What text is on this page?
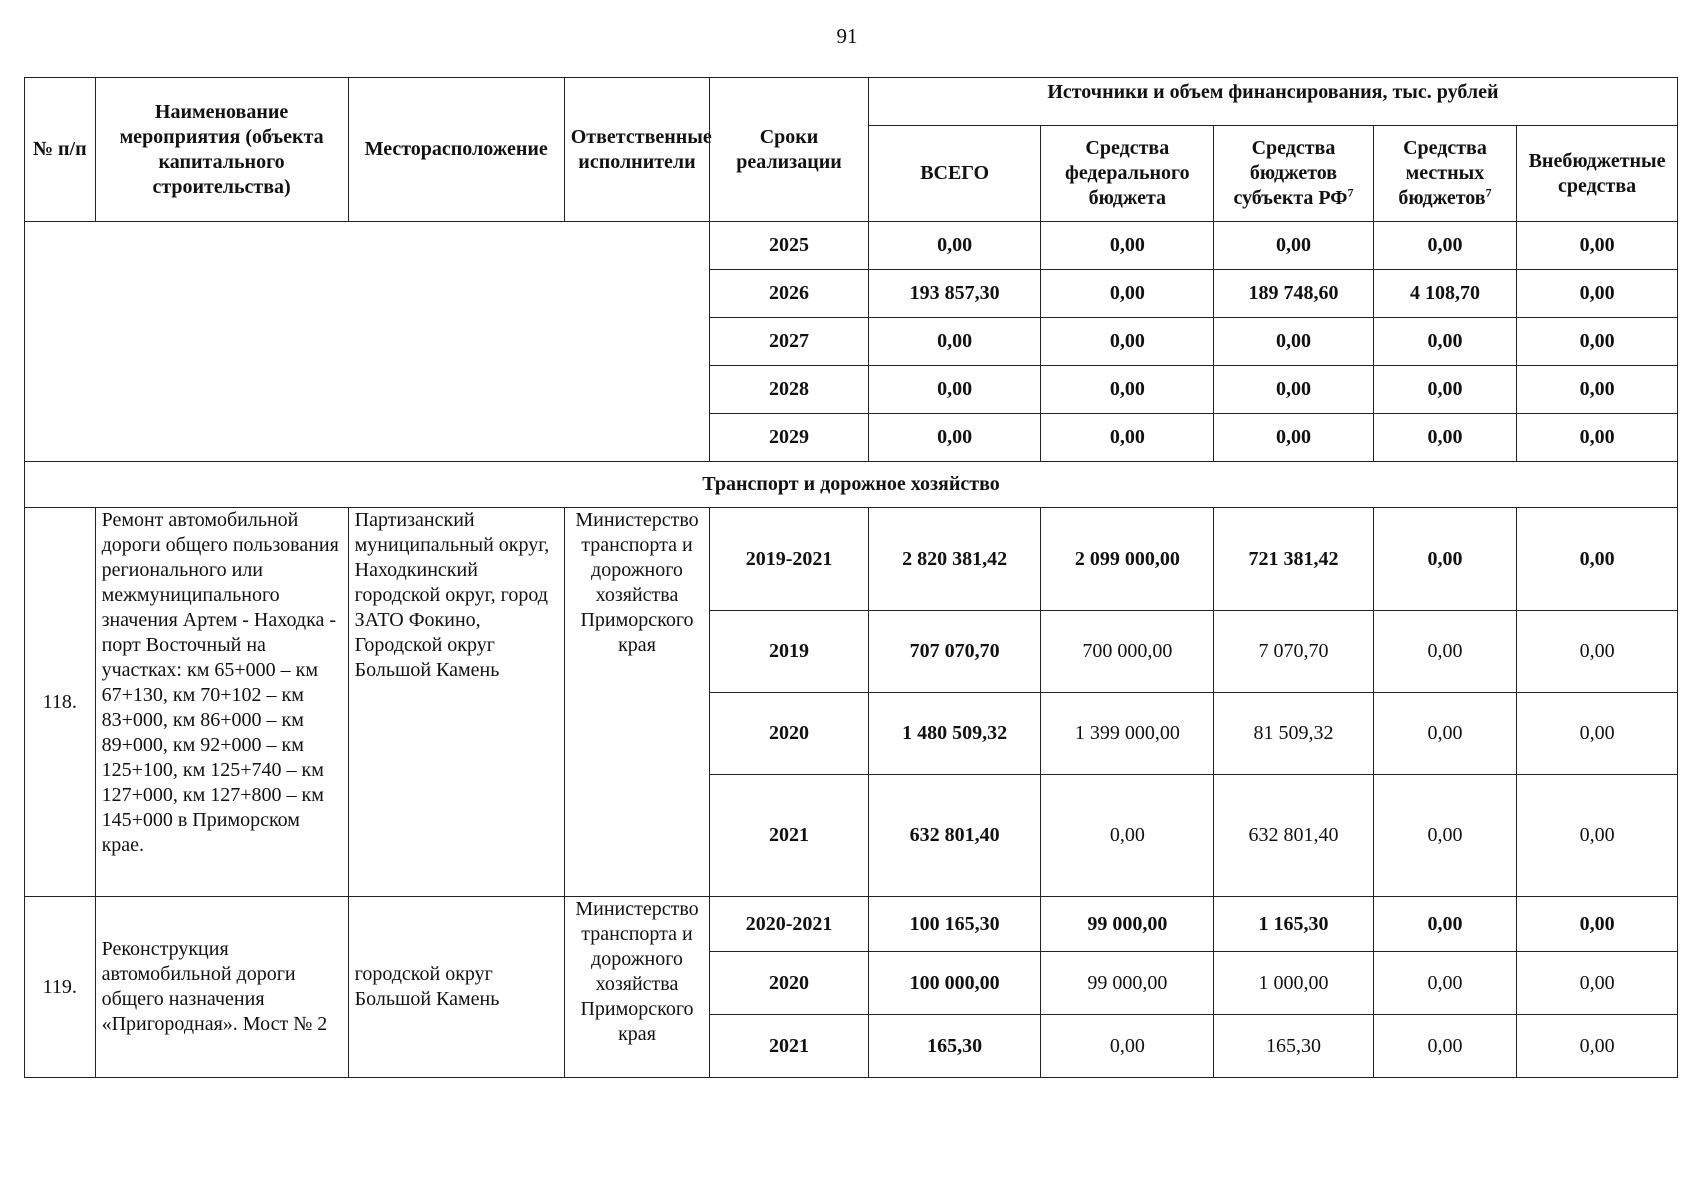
91
№ п/п	Наименование мероприятия (объекта капитального строительства)	Месторасположение	Ответственные исполнители	Сроки реализации	Источники и объем финансирования, тыс. рублей				
					ВСЕГО	Средства федерального бюджета	Средства бюджетов субъекта $РФ^7$	Средства местных бюджетов$^7$	Внебюджетные средства
				2025	0,00	0,00	0,00	0,00	0,00
				2026	193 857,30	0,00	189 748,60	4 108,70	0,00
				2027	0,00	0,00	0,00	0,00	0,00
				2028	0,00	0,00	0,00	0,00	0,00
				2029	0,00	0,00	0,00	0,00	0,00
Транспорт и дорожное хозяйство									
118.	Ремонт автомобильной дороги общего пользования регионального или межмуниципального значения Артем - Находка - порт Восточный на участках: км 65+000 – км 67+130, км 70+102 – км 83+000, км 86+000 – км 89+000, км 92+000 – км 125+100, км 125+740 – км 127+000, км 127+800 – км 145+000 в Приморском крае.	Партизанский муниципальный округ, Находкинский городской округ, город ЗАТО Фокино, Городской округ Большой Камень	Министерство транспорта и дорожного хозяйства Приморского края	2019-2021	2 820 381,42	2 099 000,00	721 381,42	0,00	0,00
				2019	707 070,70	700 000,00	7 070,70	0,00	0,00
				2020	1 480 509,32	1 399 000,00	81 509,32	0,00	0,00
				2021	632 801,40	0,00	632 801,40	0,00	0,00
119.	Реконструкция автомобильной дороги общего назначения «Пригородная». Мост № 2	городской округ Большой Камень	Министерство транспорта и дорожного хозяйства Приморского края	2020-2021	100 165,30	99 000,00	1 165,30	0,00	0,00
				2020	100 000,00	99 000,00	1 000,00	0,00	0,00
				2021	165,30	0,00	165,30	0,00	0,00
